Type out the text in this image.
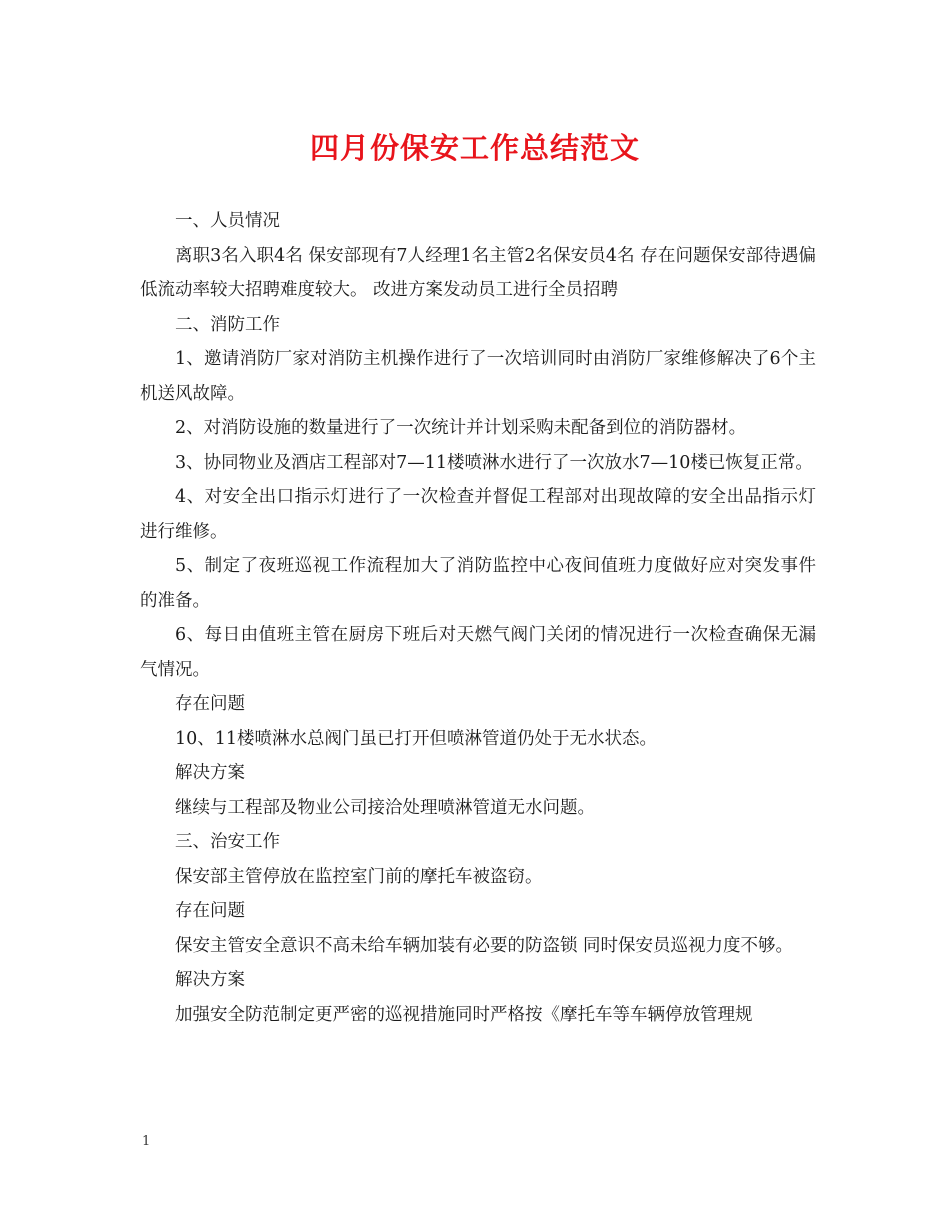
四月份保安工作总结范文

一、人员情况

离职3名入职4名 保安部现有7人经理1名主管2名保安员4名 存在问题保安部待遇偏低流动率较大招聘难度较大。 改进方案发动员工进行全员招聘

二、消防工作

1、邀请消防厂家对消防主机操作进行了一次培训同时由消防厂家维修解决了6个主机送风故障。

2、对消防设施的数量进行了一次统计并计划采购未配备到位的消防器材。

3、协同物业及酒店工程部对7—11楼喷淋水进行了一次放水7—10楼已恢复正常。

4、对安全出口指示灯进行了一次检查并督促工程部对出现故障的安全出品指示灯进行维修。

5、制定了夜班巡视工作流程加大了消防监控中心夜间值班力度做好应对突发事件的准备。

6、每日由值班主管在厨房下班后对天燃气阀门关闭的情况进行一次检查确保无漏气情况。

存在问题

10、11楼喷淋水总阀门虽已打开但喷淋管道仍处于无水状态。

解决方案

继续与工程部及物业公司接洽处理喷淋管道无水问题。

三、治安工作

保安部主管停放在监控室门前的摩托车被盗窃。

存在问题

保安主管安全意识不高未给车辆加装有必要的防盗锁 同时保安员巡视力度不够。

解决方案

加强安全防范制定更严密的巡视措施同时严格按《摩托车等车辆停放管理规

1
